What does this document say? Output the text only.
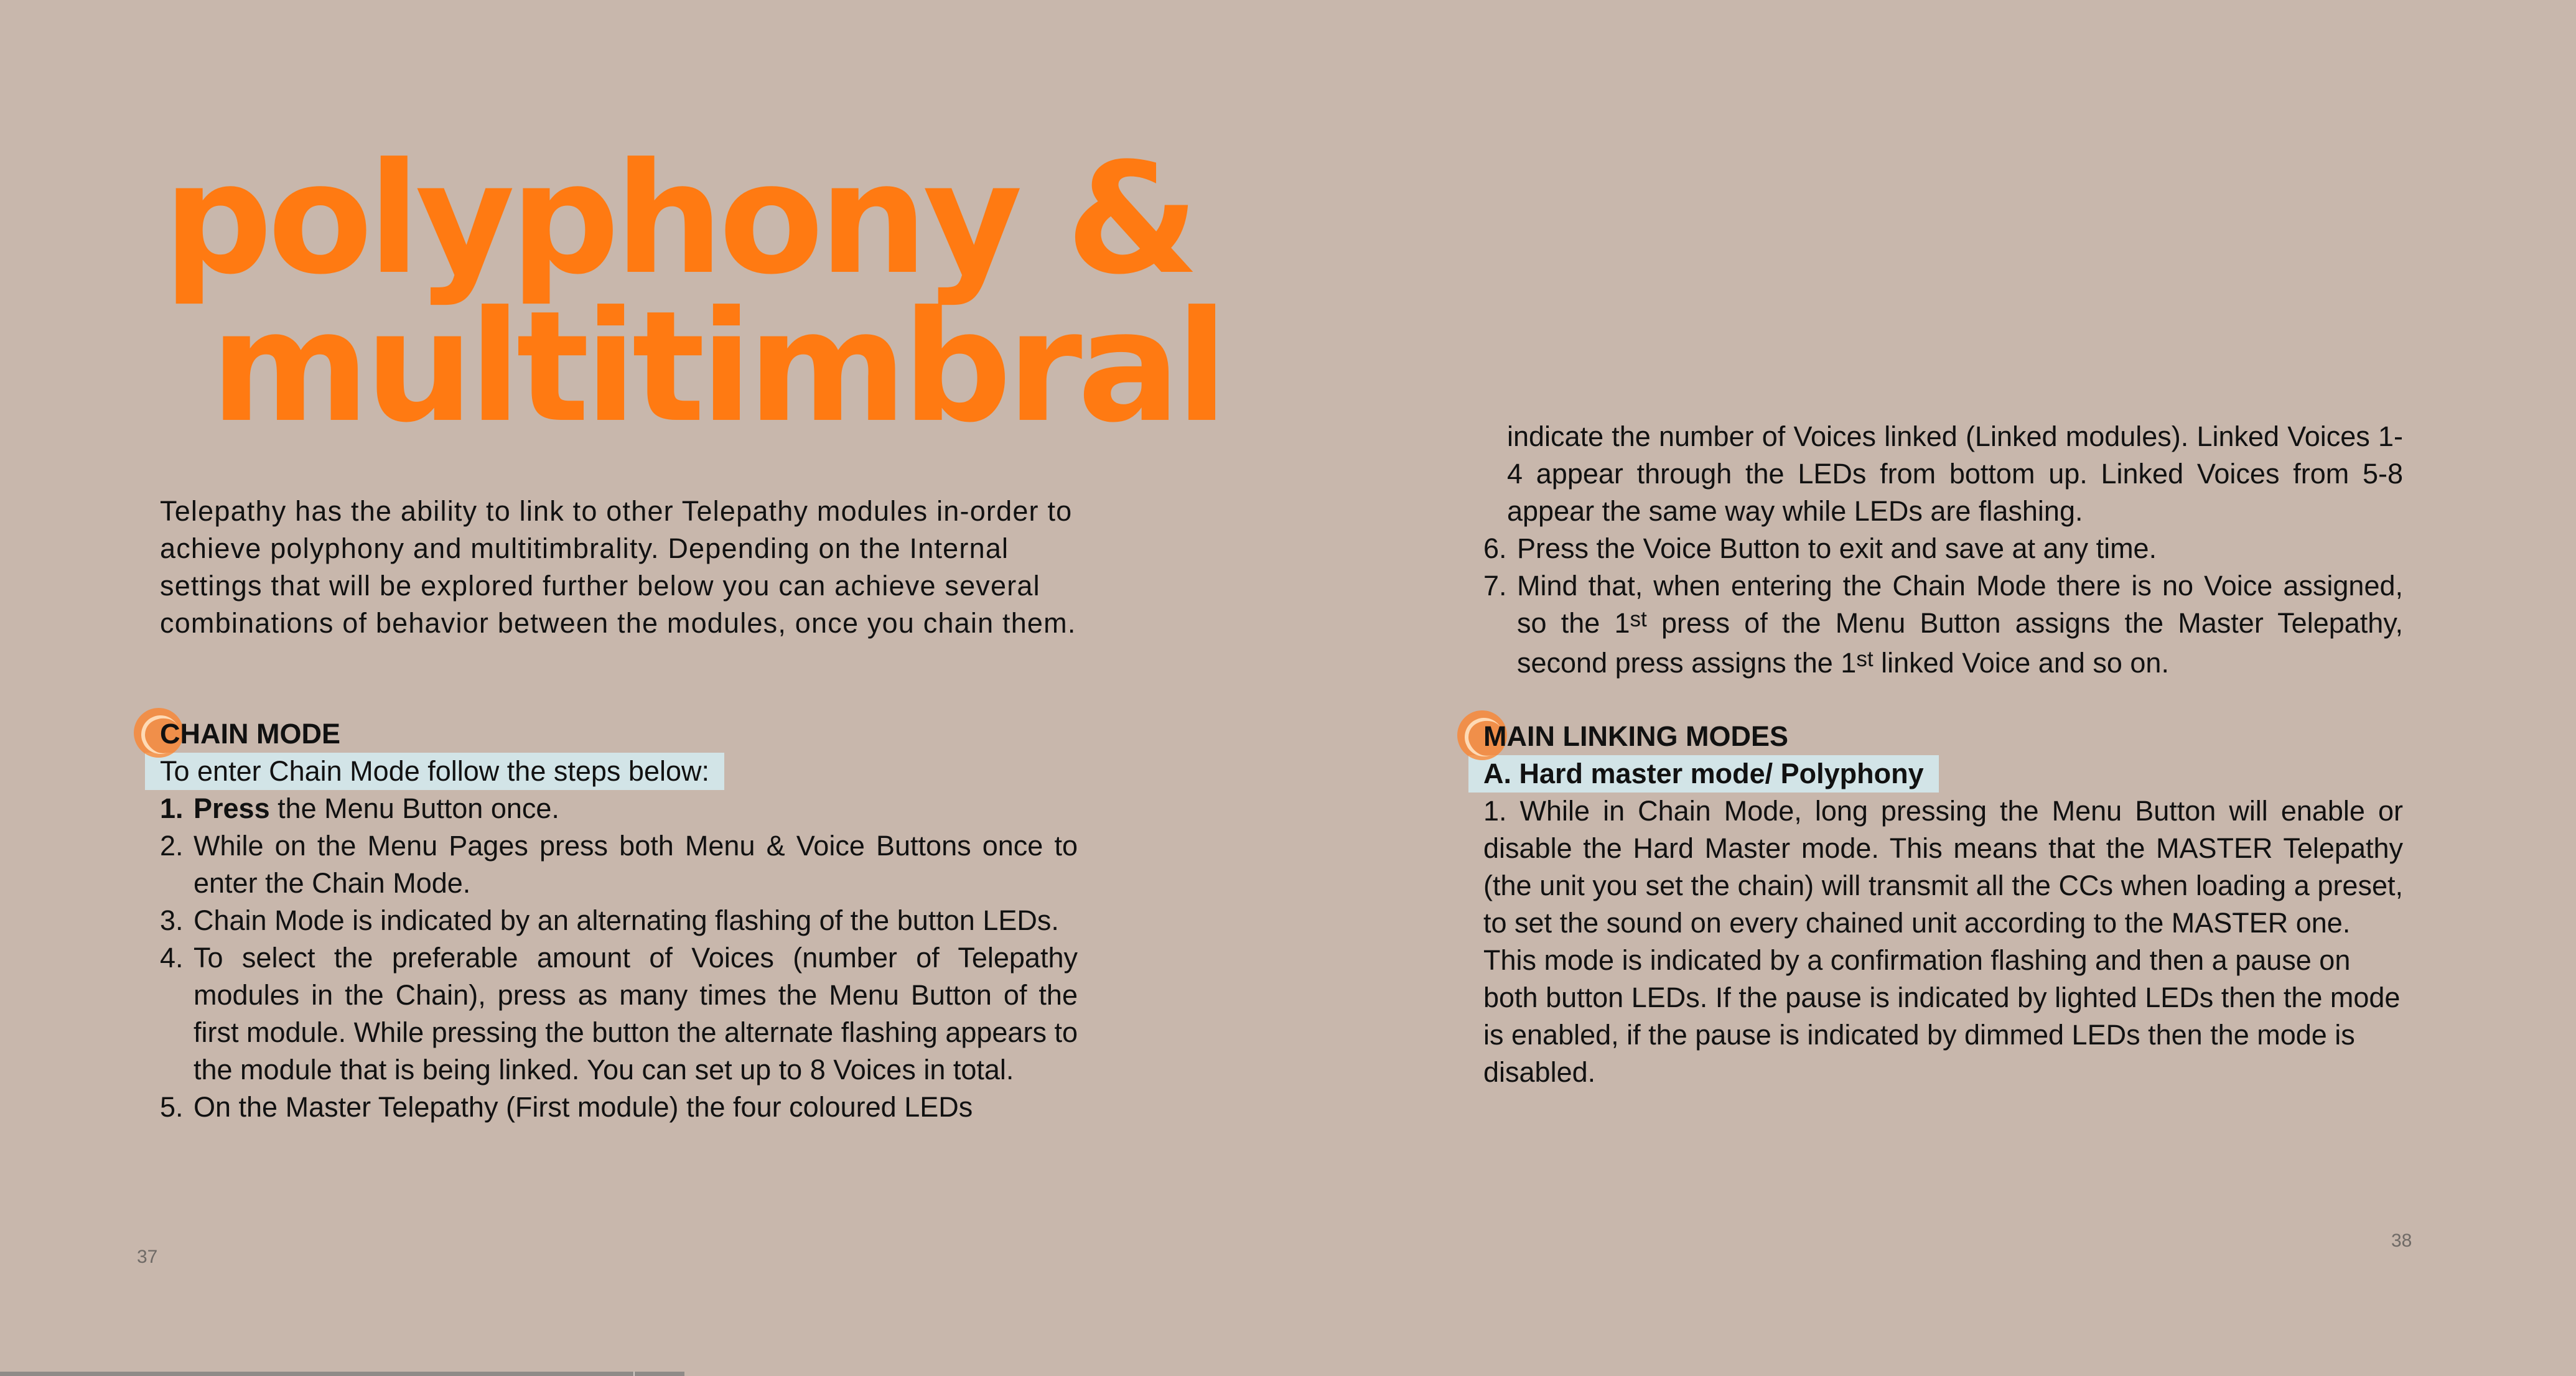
polyphony &
multitimbral

Telepathy has the ability to link to other Telepathy modules in-order to achieve polyphony and multitimbrality. Depending on the Internal settings that will be explored further below you can achieve several combinations of behavior between the modules, once you chain them.

CHAIN MODE
To enter Chain Mode follow the steps below:
1. Press the Menu Button once.
2. While on the Menu Pages press both Menu & Voice Buttons once to enter the Chain Mode.
3. Chain Mode is indicated by an alternating flashing of the button LEDs.
4. To select the preferable amount of Voices (number of Telepathy modules in the Chain), press as many times the Menu Button of the first module. While pressing the button the alternate flashing appears to the module that is being linked. You can set up to 8 Voices in total.
5. On the Master Telepathy (First module) the four coloured LEDs
indicate the number of Voices linked (Linked modules). Linked Voices 1-4 appear through the LEDs from bottom up. Linked Voices from 5-8 appear the same way while LEDs are flashing.
6. Press the Voice Button to exit and save at any time.
7. Mind that, when entering the Chain Mode there is no Voice assigned, so the 1st press of the Menu Button assigns the Master Telepathy, second press assigns the 1st linked Voice and so on.
MAIN LINKING MODES
A. Hard master mode/ Polyphony

1. While in Chain Mode, long pressing the Menu Button will enable or disable the Hard Master mode. This means that the MASTER Telepathy (the unit you set the chain) will transmit all the CCs when loading a preset, to set the sound on every chained unit according to the MASTER one.

This mode is indicated by a confirmation flashing and then a pause on both button LEDs. If the pause is indicated by lighted LEDs then the mode is enabled, if the pause is indicated by dimmed LEDs then the mode is disabled.

37
38
